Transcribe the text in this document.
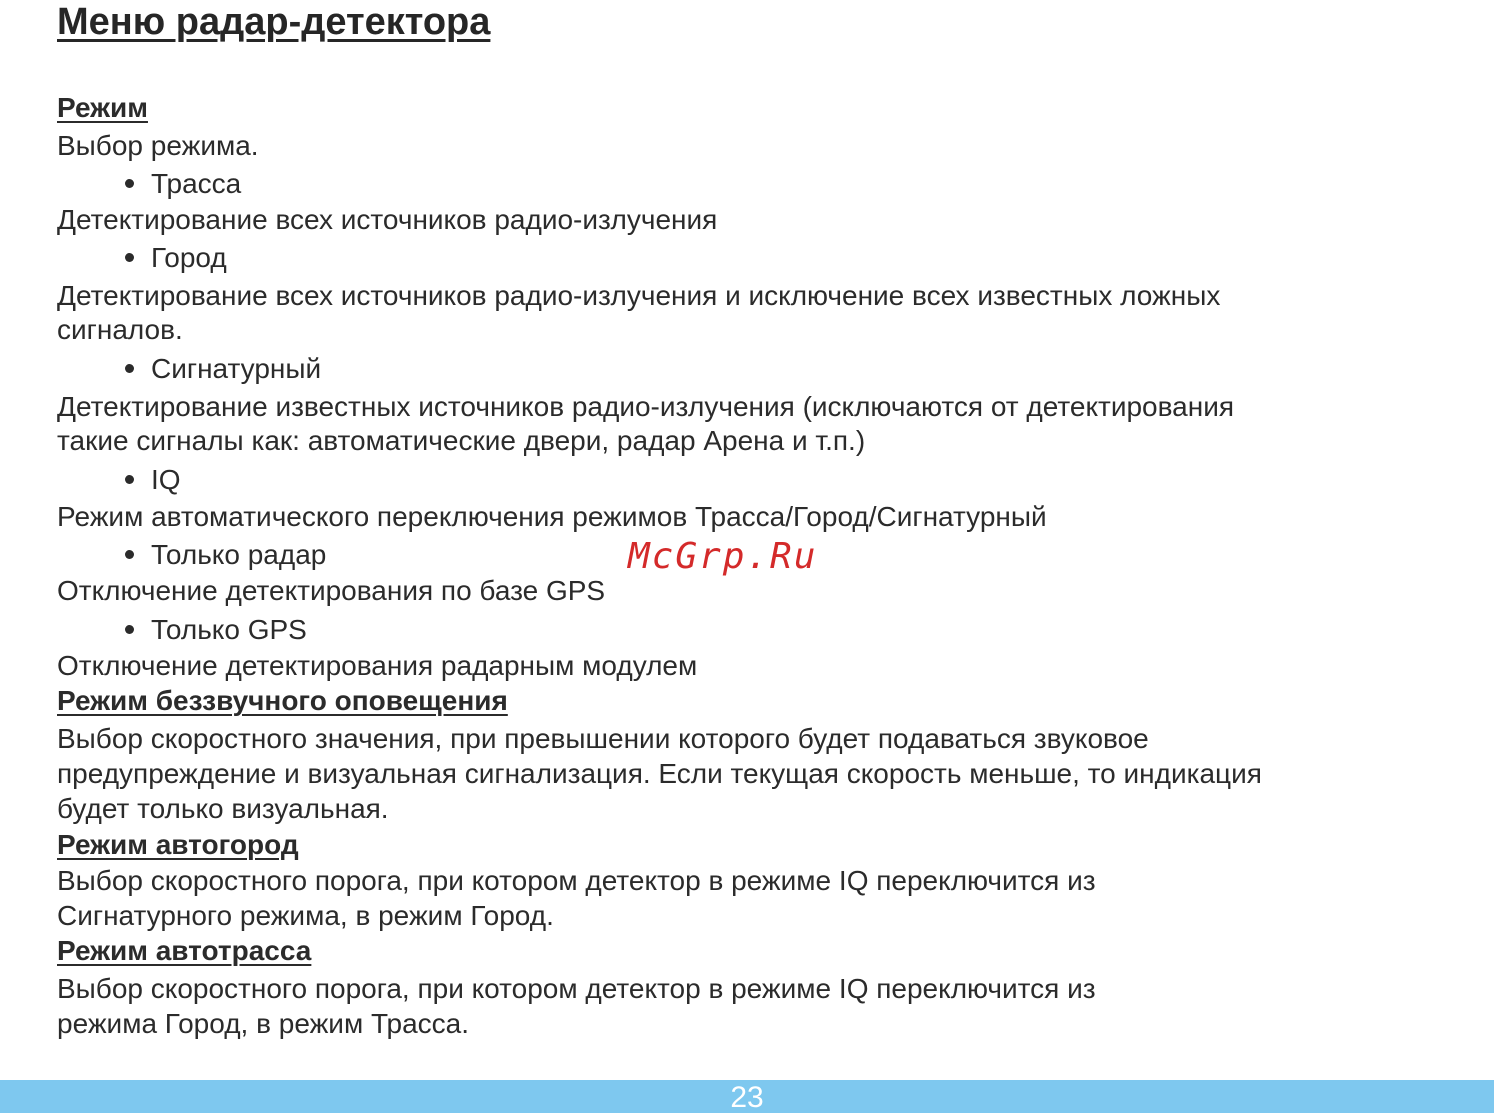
Меню радар-детектора

Режим

Выбор режима.

Трасса

Детектирование всех источников радио-излучения

Город

Детектирование всех источников радио-излучения и исключение всех известных ложных

сигналов.

Сигнатурный

Детектирование известных источников радио-излучения (исключаются от детектирования

такие сигналы как: автоматические двери, радар Арена и т.п.)

IQ

Режим автоматического переключения режимов Трасса/Город/Сигнатурный

Только радар

Отключение детектирования по базе GPS

Только GPS

Отключение детектирования радарным модулем

Режим беззвучного оповещения

Выбор скоростного значения, при превышении которого будет подаваться звуковое

предупреждение и визуальная сигнализация. Если текущая скорость меньше, то индикация

будет только визуальная.

Режим автогород

Выбор скоростного порога, при котором детектор в режиме IQ переключится из

Сигнатурного режима, в режим Город.

Режим автотрасса

Выбор скоростного порога, при котором детектор в режиме IQ переключится из

режима Город, в режим Трасса.

McGrp.Ru
23
